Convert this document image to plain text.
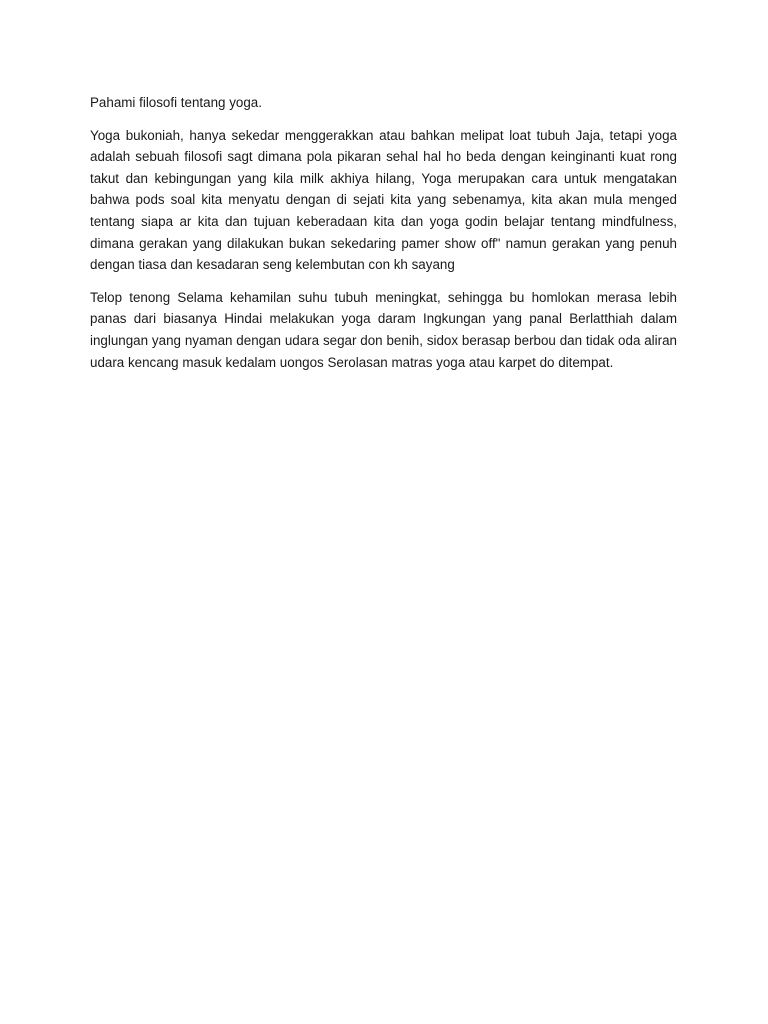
Pahami filosofi tentang yoga.

Yoga bukoniah, hanya sekedar menggerakkan atau bahkan melipat loat tubuh Jaja, tetapi yoga adalah sebuah filosofi sagt dimana pola pikaran sehal hal ho beda dengan keinginanti kuat rong takut dan kebingungan yang kila milk akhiya hilang, Yoga merupakan cara untuk mengatakan bahwa pods soal kita menyatu dengan di sejati kita yang sebenamya, kita akan mula menged tentang siapa ar kita dan tujuan keberadaan kita dan yoga godin belajar tentang mindfulness, dimana gerakan yang dilakukan bukan sekedaring pamer show off" namun gerakan yang penuh dengan tiasa dan kesadaran seng kelembutan con kh sayang

Telop tenong Selama kehamilan suhu tubuh meningkat, sehingga bu homlokan merasa lebih panas dari biasanya Hindai melakukan yoga daram Ingkungan yang panal Berlatthiah dalam inglungan yang nyaman dengan udara segar don benih, sidox berasap berbou dan tidak oda aliran udara kencang masuk kedalam uongos Serolasan matras yoga atau karpet do ditempat.
